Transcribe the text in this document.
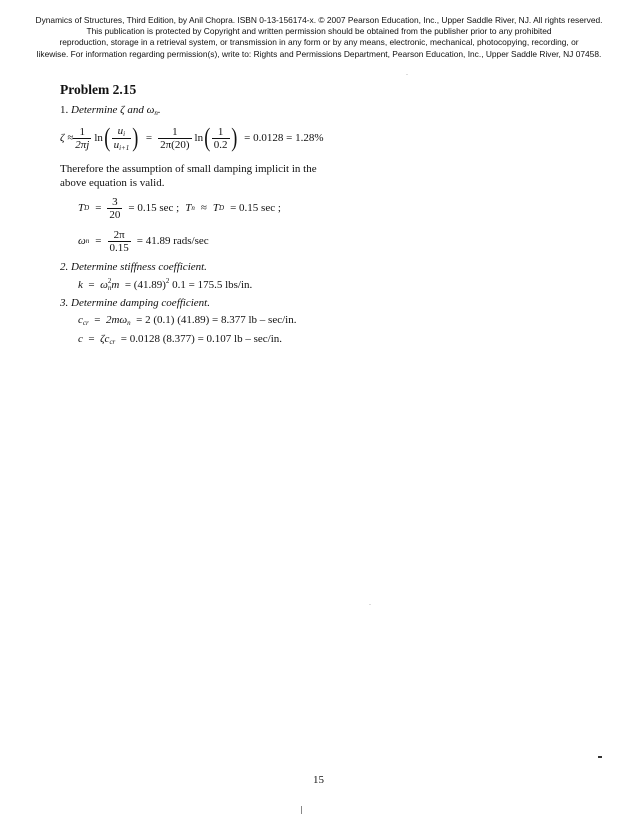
Dynamics of Structures, Third Edition, by Anil Chopra. ISBN 0-13-156174-x. © 2007 Pearson Education, Inc., Upper Saddle River, NJ. All rights reserved.
This publication is protected by Copyright and written permission should be obtained from the publisher prior to any prohibited
reproduction, storage in a retrieval system, or transmission in any form or by any means, electronic, mechanical, photocopying, recording, or
likewise. For information regarding permission(s), write to: Rights and Permissions Department, Pearson Education, Inc., Upper Saddle River, NJ 07458.
Problem 2.15
1. Determine ζ and $\omega_n$.
$\zeta \approx \frac{1}{2\pi j}$ ln ( $\frac{u_i}{u_{i+1}}$ ) = $\frac{1}{2\pi(20)}$ ln ( $\frac{1}{0.2}$ ) = 0.0128 = 1.28%
Therefore the assumption of small damping implicit in the
above equation is valid.
T $D = \frac{3}{20} = 0.15$ sec ; T n ≈ T D = 0.15 sec ;
ω $n = \frac{2\pi}{0.15} = 41.89$ rads/sec
2. Determine stiffness coefficient.
k = ω 2
n $m = (41.89)^2$ 0.1 = 175.5 lbs/in.
3. Determine damping coefficient.
$c_{cr} = 2m\omega_n = 2$ (0.1) (41.89) = 8.377 lb – sec/in.
$c = \zeta c_{cr} = 0.0128$ (8.377) = 0.107 lb – sec/in.
15
·
·
